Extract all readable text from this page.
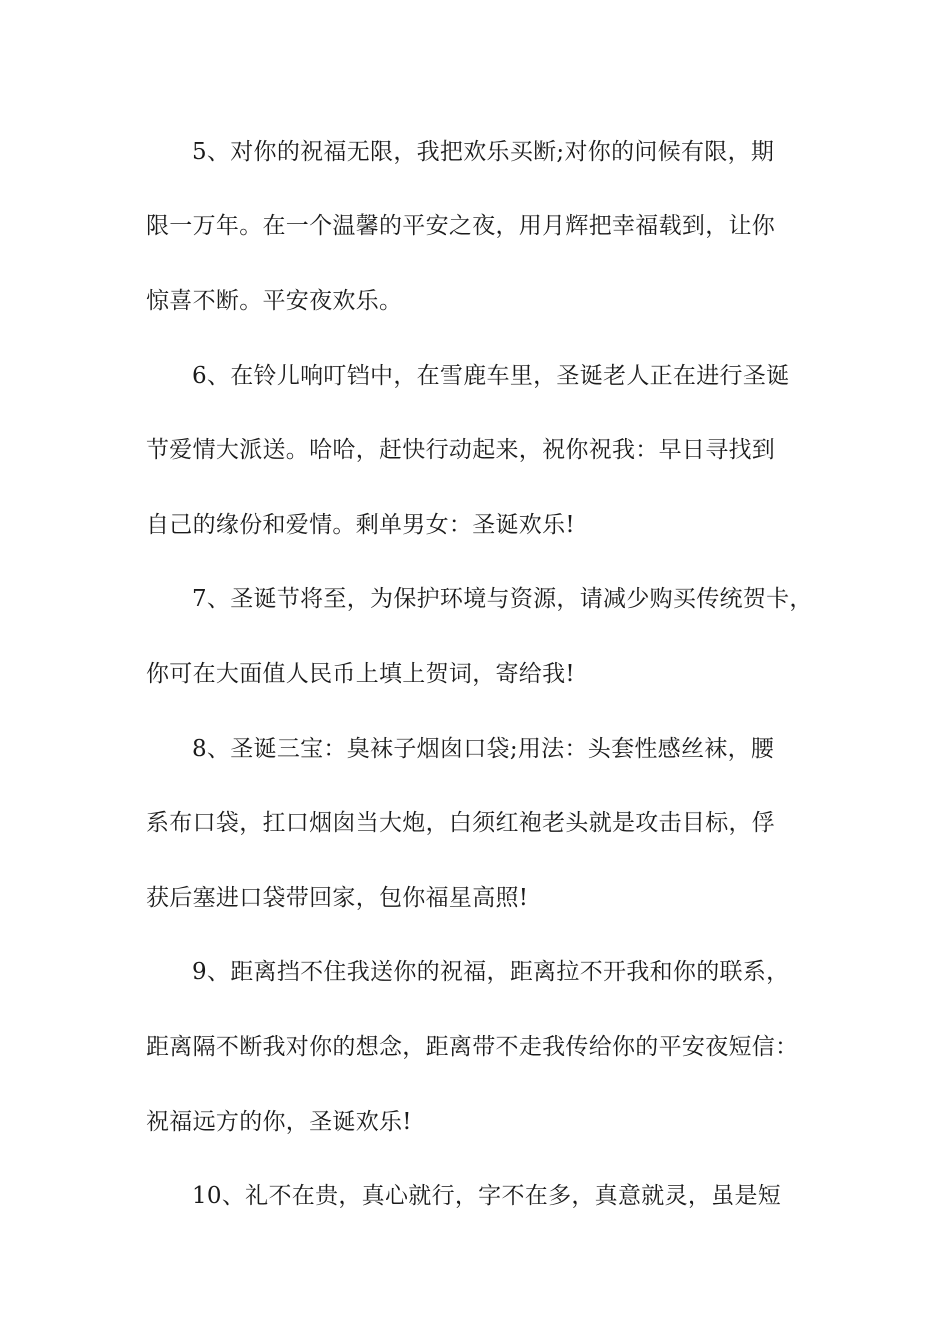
5、对你的祝福无限，我把欢乐买断;对你的问候有限，期
限一万年。在一个温馨的平安之夜，用月辉把幸福载到，让你
惊喜不断。平安夜欢乐。
6、在铃儿响叮铛中，在雪鹿车里，圣诞老人正在进行圣诞
节爱情大派送。哈哈，赶快行动起来，祝你祝我：早日寻找到
自己的缘份和爱情。剩单男女：圣诞欢乐!
7、圣诞节将至，为保护环境与资源，请减少购买传统贺卡，
你可在大面值人民币上填上贺词，寄给我!
8、圣诞三宝：臭袜子烟囱口袋;用法：头套性感丝袜，腰
系布口袋，扛口烟囱当大炮，白须红袍老头就是攻击目标，俘
获后塞进口袋带回家，包你福星高照!
9、距离挡不住我送你的祝福，距离拉不开我和你的联系，
距离隔不断我对你的想念，距离带不走我传给你的平安夜短信：
祝福远方的你，圣诞欢乐!
10、礼不在贵，真心就行，字不在多，真意就灵，虽是短
